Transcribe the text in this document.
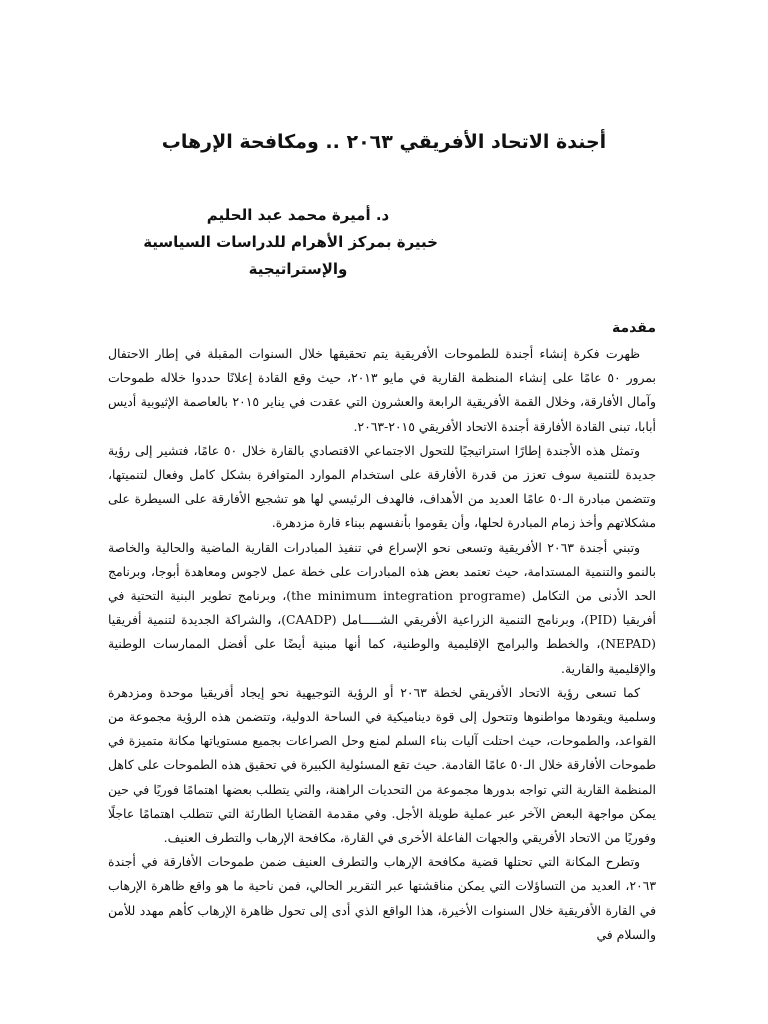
أجندة الاتحاد الأفريقي ٢٠٦٣ .. ومكافحة الإرهاب
د. أميرة محمد عبد الحليم
خبيرة بمركز الأهرام للدراسات السياسية
والإستراتيجية
مقدمة

ظهرت فكرة إنشاء أجندة للطموحات الأفريقية يتم تحقيقها خلال السنوات المقبلة في إطار الاحتفال بمرور ٥٠ عامًا على إنشاء المنظمة القارية في مايو ٢٠١٣، حيث وقع القادة إعلانًا حددوا خلاله طموحات وآمال الأفارقة، وخلال القمة الأفريقية الرابعة والعشرون التي عقدت في يناير ٢٠١٥ بالعاصمة الإثيوبية أديس أبابا، تبنى القادة الأفارقة أجندة الاتحاد الأفريقي ٢٠١٥-٢٠٦٣.

وتمثل هذه الأجندة إطارًا استراتيجيًا للتحول الاجتماعي الاقتصادي بالقارة خلال ٥٠ عامًا، فتشير إلى رؤية جديدة للتنمية سوف تعزز من قدرة الأفارقة على استخدام الموارد المتوافرة بشكل كامل وفعال لتنميتها، وتتضمن مبادرة الـ٥٠ عامًا العديد من الأهداف، فالهدف الرئيسي لها هو تشجيع الأفارقة على السيطرة على مشكلاتهم وأخذ زمام المبادرة لحلها، وأن يقوموا بأنفسهم ببناء قارة مزدهرة.

وتبني أجندة ٢٠٦٣ الأفريقية وتسعى نحو الإسراع في تنفيذ المبادرات القارية الماضية والحالية والخاصة بالنمو والتنمية المستدامة، حيث تعتمد بعض هذه المبادرات على خطة عمل لاجوس ومعاهدة أبوجا، وبرنامج الحد الأدنى من التكامل (the minimum integration programe)، وبرنامج تطوير البنية التحتية في أفريقيا (PID)، وبرنامج التنمية الزراعية الأفريقي الشـــــامل (CAADP)، والشراكة الجديدة لتنمية أفريقيا (NEPAD)، والخطط والبرامج الإقليمية والوطنية، كما أنها مبنية أيضًا على أفضل الممارسات الوطنية والإقليمية والقارية.

كما تسعى رؤية الاتحاد الأفريقي لخطة ٢٠٦٣ أو الرؤية التوجيهية نحو إيجاد أفريقيا موحدة ومزدهرة وسلمية ويقودها مواطنوها وتتحول إلى قوة ديناميكية في الساحة الدولية، وتتضمن هذه الرؤية مجموعة من القواعد، والطموحات، حيث احتلت آليات بناء السلم لمنع وحل الصراعات بجميع مستوياتها مكانة متميزة في طموحات الأفارقة خلال الـ٥٠ عامًا القادمة. حيث تقع المسئولية الكبيرة في تحقيق هذه الطموحات على كاهل المنظمة القارية التي تواجه بدورها مجموعة من التحديات الراهنة، والتي يتطلب بعضها اهتمامًا فوريًا في حين يمكن مواجهة البعض الآخر عبر عملية طويلة الأجل. وفي مقدمة القضايا الطارئة التي تتطلب اهتمامًا عاجلًا وفوريًا من الاتحاد الأفريقي والجهات الفاعلة الأخرى في القارة، مكافحة الإرهاب والتطرف العنيف.

وتطرح المكانة التي تحتلها قضية مكافحة الإرهاب والتطرف العنيف ضمن طموحات الأفارقة في أجندة ٢٠٦٣، العديد من التساؤلات التي يمكن مناقشتها عبر التقرير الحالي، فمن ناحية ما هو واقع ظاهرة الإرهاب في القارة الأفريقية خلال السنوات الأخيرة، هذا الواقع الذي أدى إلى تحول ظاهرة الإرهاب كأهم مهدد للأمن والسلام في
